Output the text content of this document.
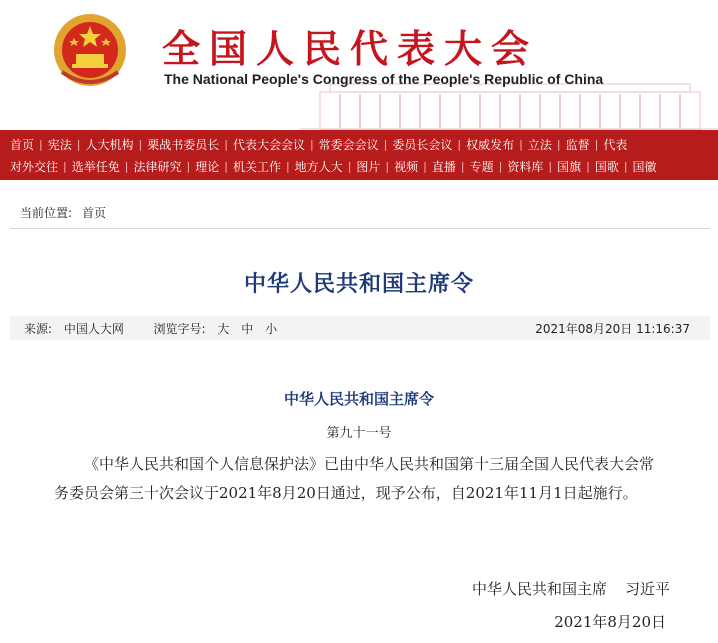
全国人民代表大会
The National People's Congress of the People's Republic of China
首页 | 宪法 | 人大机构 | 栗战书委员长 | 代表大会会议 | 常委会会议 | 委员长会议 | 权威发布 | 立法 | 监督 | 代表
对外交往 | 选举任免 | 法律研究 | 理论 | 机关工作 | 地方人大 | 图片 | 视频 | 直播 | 专题 | 资料库 | 国旗 | 国歌 | 国徽
当前位置: 首页
中华人民共和国主席令
来源: 中国人大网 浏览字号: 大 中 小	2021年08月20日 11:16:37
中华人民共和国主席令
第九十一号

《中华人民共和国个人信息保护法》已由中华人民共和国第十三届全国人民代表大会常务委员会第三十次会议于2021年8月20日通过，现予公布，自2021年11月1日起施行。

中华人民共和国主席 习近平
2021年8月20日
